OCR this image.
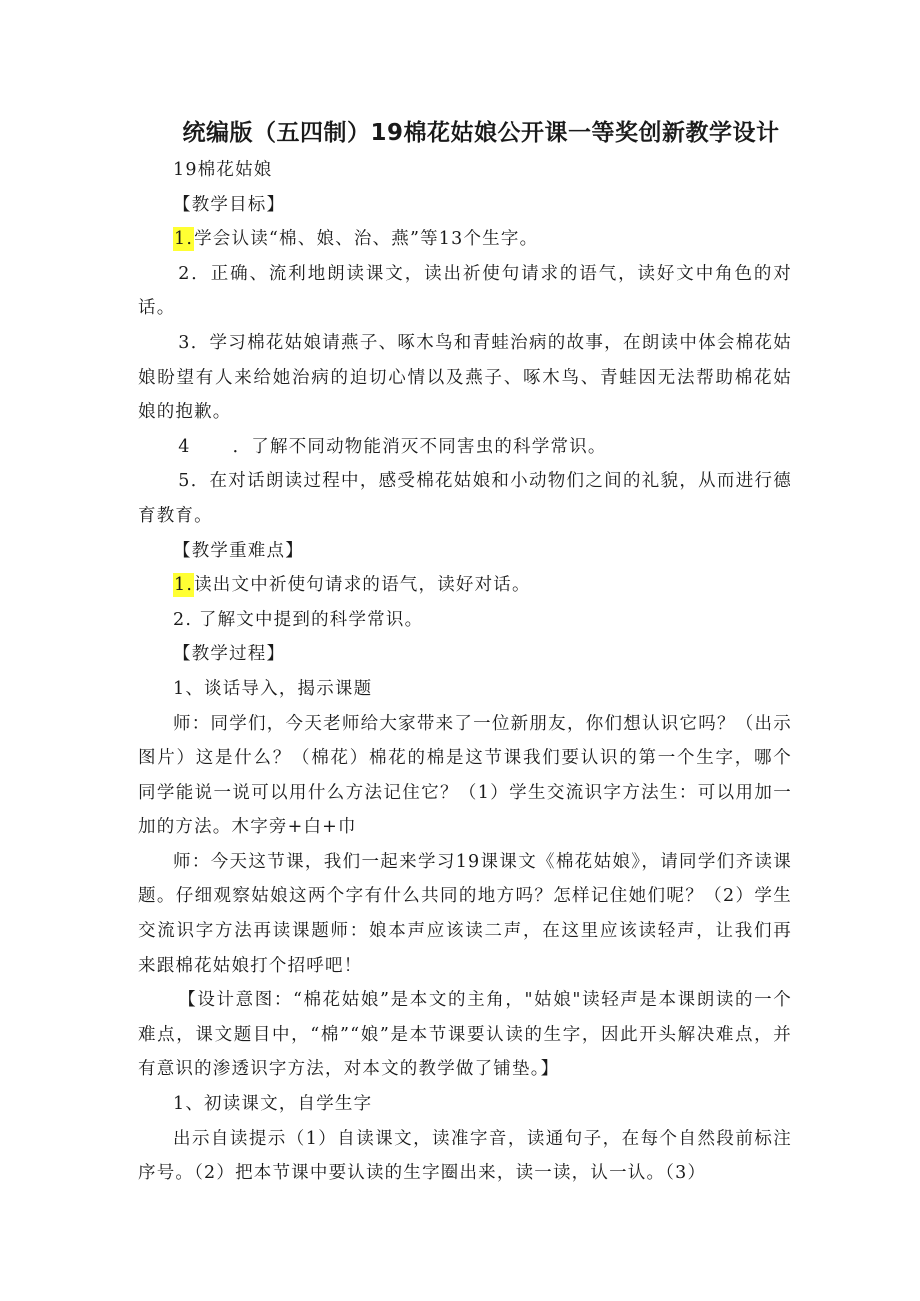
统编版（五四制）19棉花姑娘公开课一等奖创新教学设计

19棉花姑娘

【教学目标】

1.学会认读“棉、娘、治、燕”等13个生字。

2．正确、流利地朗读课文，读出祈使句请求的语气，读好文中角色的对话。

3．学习棉花姑娘请燕子、啄木鸟和青蛙治病的故事，在朗读中体会棉花姑娘盼望有人来给她治病的迫切心情以及燕子、啄木鸟、青蛙因无法帮助棉花姑娘的抱歉。

4 ．了解不同动物能消灭不同害虫的科学常识。

5．在对话朗读过程中，感受棉花姑娘和小动物们之间的礼貌，从而进行德育教育。

【教学重难点】

1.读出文中祈使句请求的语气，读好对话。

2. 了解文中提到的科学常识。

【教学过程】

1、谈话导入，揭示课题

师：同学们，今天老师给大家带来了一位新朋友，你们想认识它吗？（出示图片）这是什么？（棉花）棉花的棉是这节课我们要认识的第一个生字，哪个同学能说一说可以用什么方法记住它？（1）学生交流识字方法生：可以用加一加的方法。木字旁+白+巾

师：今天这节课，我们一起来学习19课课文《棉花姑娘》，请同学们齐读课题。仔细观察姑娘这两个字有什么共同的地方吗？怎样记住她们呢？（2）学生交流识字方法再读课题师：娘本声应该读二声，在这里应该读轻声，让我们再来跟棉花姑娘打个招呼吧！

【设计意图：“棉花姑娘”是本文的主角，"姑娘"读轻声是本课朗读的一个难点，课文题目中，“棉”“娘”是本节课要认读的生字，因此开头解决难点，并有意识的渗透识字方法，对本文的教学做了铺垫。】

1、初读课文，自学生字

出示自读提示（1）自读课文，读准字音，读通句子，在每个自然段前标注序号。（2）把本节课中要认读的生字圈出来，读一读，认一认。（3）
